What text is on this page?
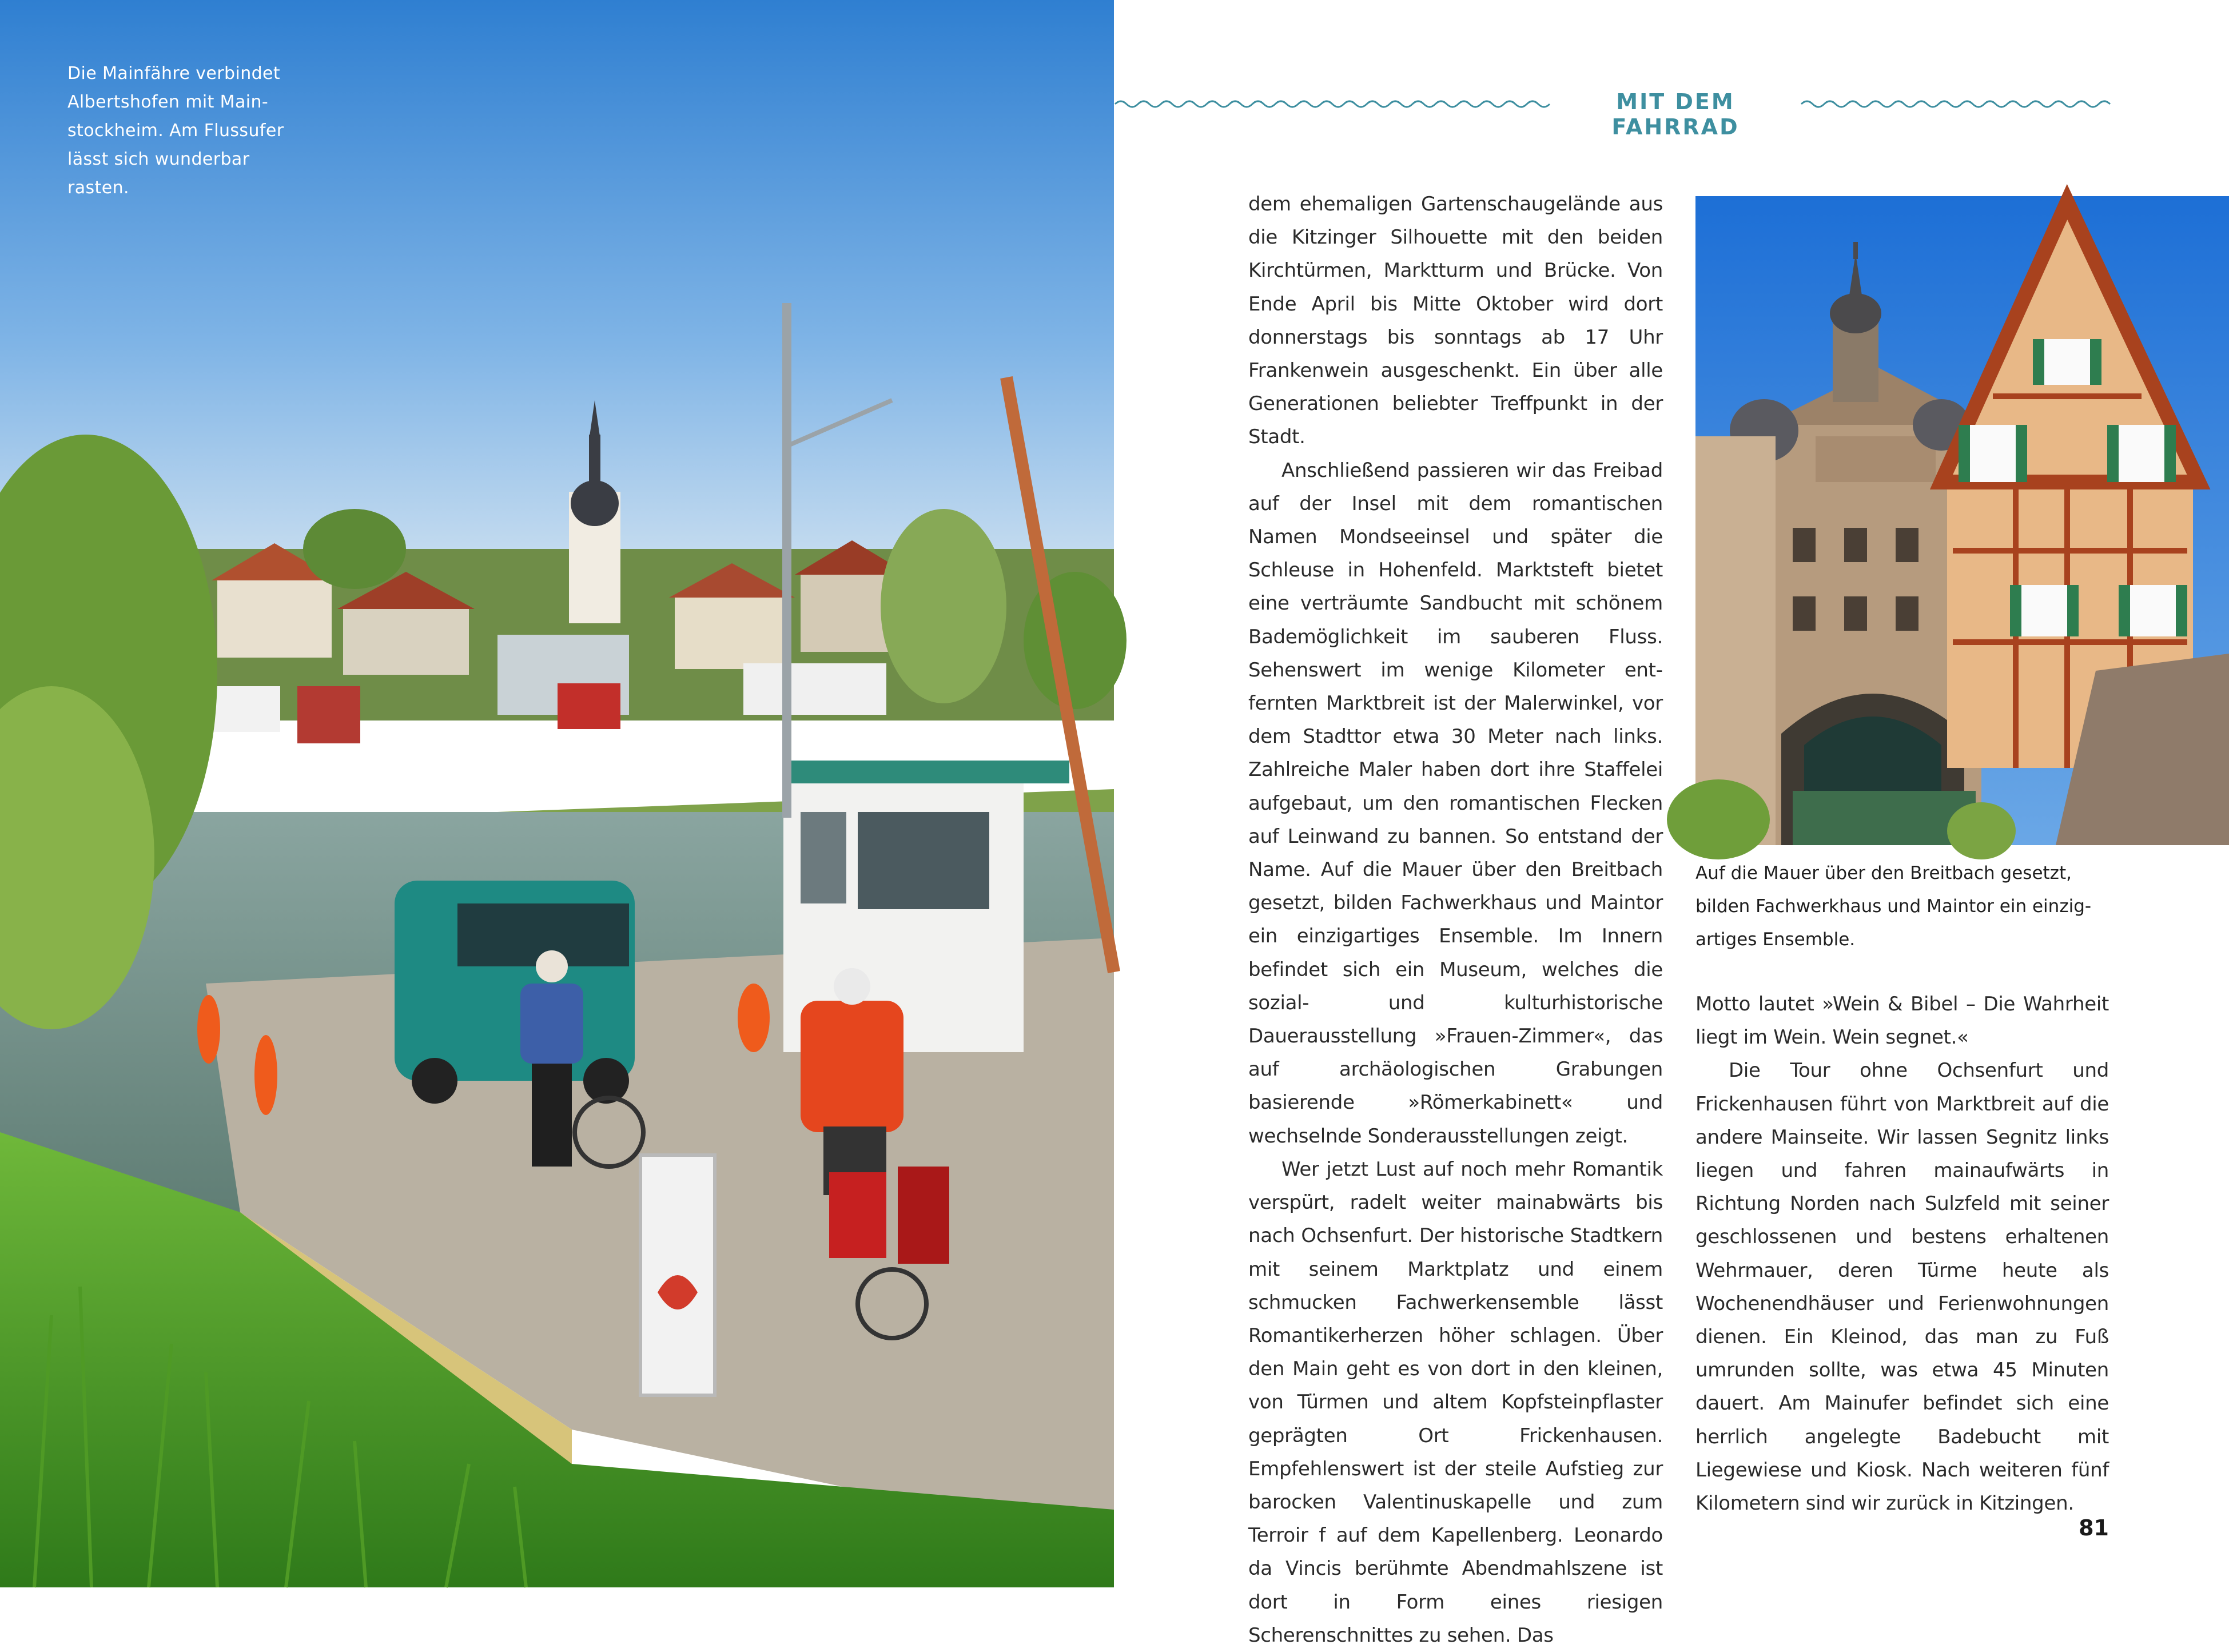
Die Mainfähre verbindet Albertshofen mit Mainstockheim. Am Flussufer lässt sich wunderbar rasten.
MIT DEM FAHRRAD

dem ehemaligen Gartenschaugelände aus die Kitzinger Silhouette mit den beiden Kirchtürmen, Marktturm und Brücke. Von Ende April bis Mitte Oktober wird dort donnerstags bis sonntags ab 17 Uhr Frankenwein ausgeschenkt. Ein über alle Generationen beliebter Treffpunkt in der Stadt.

Anschließend passieren wir das Freibad auf der Insel mit dem romantischen Namen Mondseeinsel und später die Schleuse in Hohenfeld. Marktsteft bietet eine verträumte Sandbucht mit schönem Bademöglichkeit im sauberen Fluss. Sehenswert im wenige Kilometer entfernten Marktbreit ist der Malerwinkel, vor dem Stadttor etwa 30 Meter nach links. Zahlreiche Maler haben dort ihre Staffelei aufgebaut, um den romantischen Flecken auf Leinwand zu bannen. So entstand der Name. Auf die Mauer über den Breitbach gesetzt, bilden Fachwerkhaus und Maintor ein einzigartiges Ensemble. Im Innern befindet sich ein Museum, welches die sozial- und kulturhistorische Dauerausstellung »Frauen-Zimmer«, das auf archäologischen Grabungen basierende »Römerkabinett« und wechselnde Sonderausstellungen zeigt.

Wer jetzt Lust auf noch mehr Romantik verspürt, radelt weiter mainabwärts bis nach Ochsenfurt. Der historische Stadtkern mit seinem Marktplatz und einem schmucken Fachwerkensemble lässt Romantikerherzen höher schlagen. Über den Main geht es von dort in den kleinen, von Türmen und altem Kopfsteinpflaster geprägten Ort Frickenhausen. Empfehlenswert ist der steile Aufstieg zur barocken Valentinuskapelle und zum Terroir f auf dem Kapellenberg. Leonardo da Vincis berühmte Abendmahlszene ist dort in Form eines riesigen Scherenschnittes zu sehen. Das

Auf die Mauer über den Breitbach gesetzt, bilden Fachwerkhaus und Maintor ein einzigartiges Ensemble.

Motto lautet »Wein & Bibel – Die Wahrheit liegt im Wein. Wein segnet.«

Die Tour ohne Ochsenfurt und Frickenhausen führt von Marktbreit auf die andere Mainseite. Wir lassen Segnitz links liegen und fahren mainaufwärts in Richtung Norden nach Sulzfeld mit seiner geschlossenen und bestens erhaltenen Wehrmauer, deren Türme heute als Wochenendhäuser und Ferienwohnungen dienen. Ein Kleinod, das man zu Fuß umrunden sollte, was etwa 45 Minuten dauert. Am Mainufer befindet sich eine herrlich angelegte Badebucht mit Liegewiese und Kiosk. Nach weiteren fünf Kilometern sind wir zurück in Kitzingen.

81
